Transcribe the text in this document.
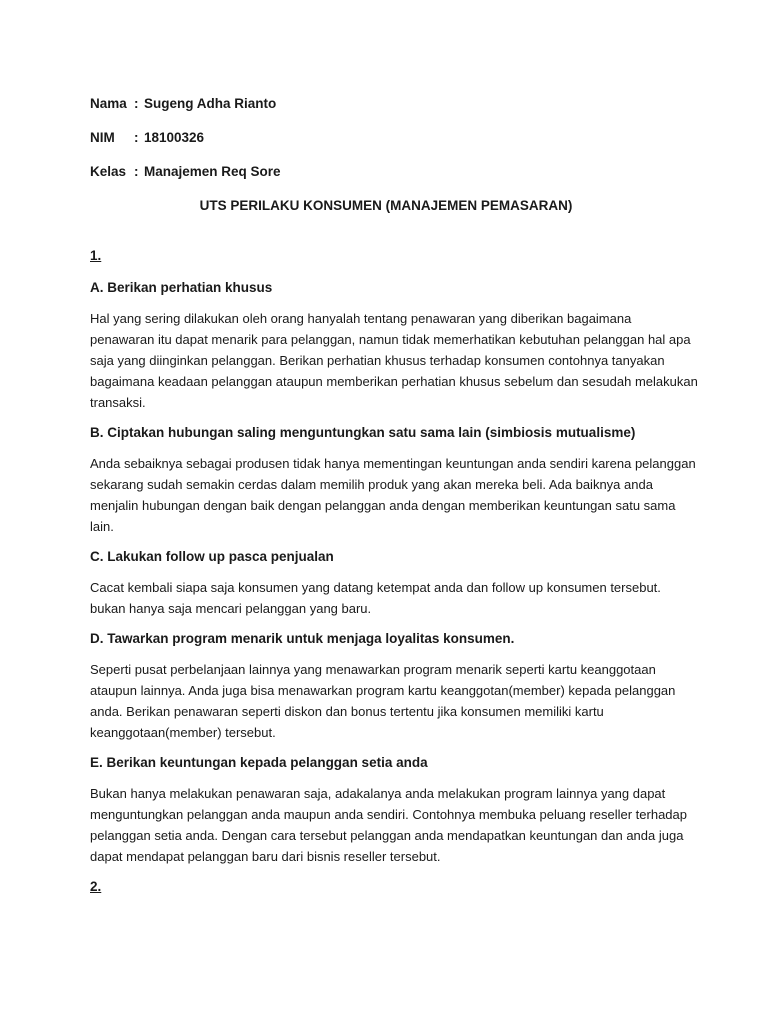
Nama : Sugeng Adha Rianto
NIM	: 18100326
Kelas : Manajemen Req Sore
UTS PERILAKU KONSUMEN (MANAJEMEN PEMASARAN)
1.
A. Berikan perhatian khusus
Hal yang sering dilakukan oleh orang hanyalah tentang penawaran yang diberikan bagaimana
penawaran itu dapat menarik para pelanggan, namun tidak memerhatikan kebutuhan pelanggan hal apa
saja yang diinginkan pelanggan. Berikan perhatian khusus terhadap konsumen contohnya tanyakan
bagaimana keadaan pelanggan ataupun memberikan perhatian khusus sebelum dan sesudah melakukan
transaksi.
B. Ciptakan hubungan saling menguntungkan satu sama lain (simbiosis mutualisme)
Anda sebaiknya sebagai produsen tidak hanya mementingan keuntungan anda sendiri karena pelanggan
sekarang sudah semakin cerdas dalam memilih produk yang akan mereka beli. Ada baiknya anda
menjalin hubungan dengan baik dengan pelanggan anda dengan memberikan keuntungan satu sama
lain.
C. Lakukan follow up pasca penjualan
Cacat kembali siapa saja konsumen yang datang ketempat anda dan follow up konsumen tersebut.
bukan hanya saja mencari pelanggan yang baru.
D. Tawarkan program menarik untuk menjaga loyalitas konsumen.
Seperti pusat perbelanjaan lainnya yang menawarkan program menarik seperti kartu keanggotaan
ataupun lainnya. Anda juga bisa menawarkan program kartu keanggotan(member) kepada pelanggan
anda. Berikan penawaran seperti diskon dan bonus tertentu jika konsumen memiliki kartu
keanggotaan(member) tersebut.
E. Berikan keuntungan kepada pelanggan setia anda
Bukan hanya melakukan penawaran saja, adakalanya anda melakukan program lainnya yang dapat
menguntungkan pelanggan anda maupun anda sendiri. Contohnya membuka peluang reseller terhadap
pelanggan setia anda. Dengan cara tersebut pelanggan anda mendapatkan keuntungan dan anda juga
dapat mendapat pelanggan baru dari bisnis reseller tersebut.
2.
